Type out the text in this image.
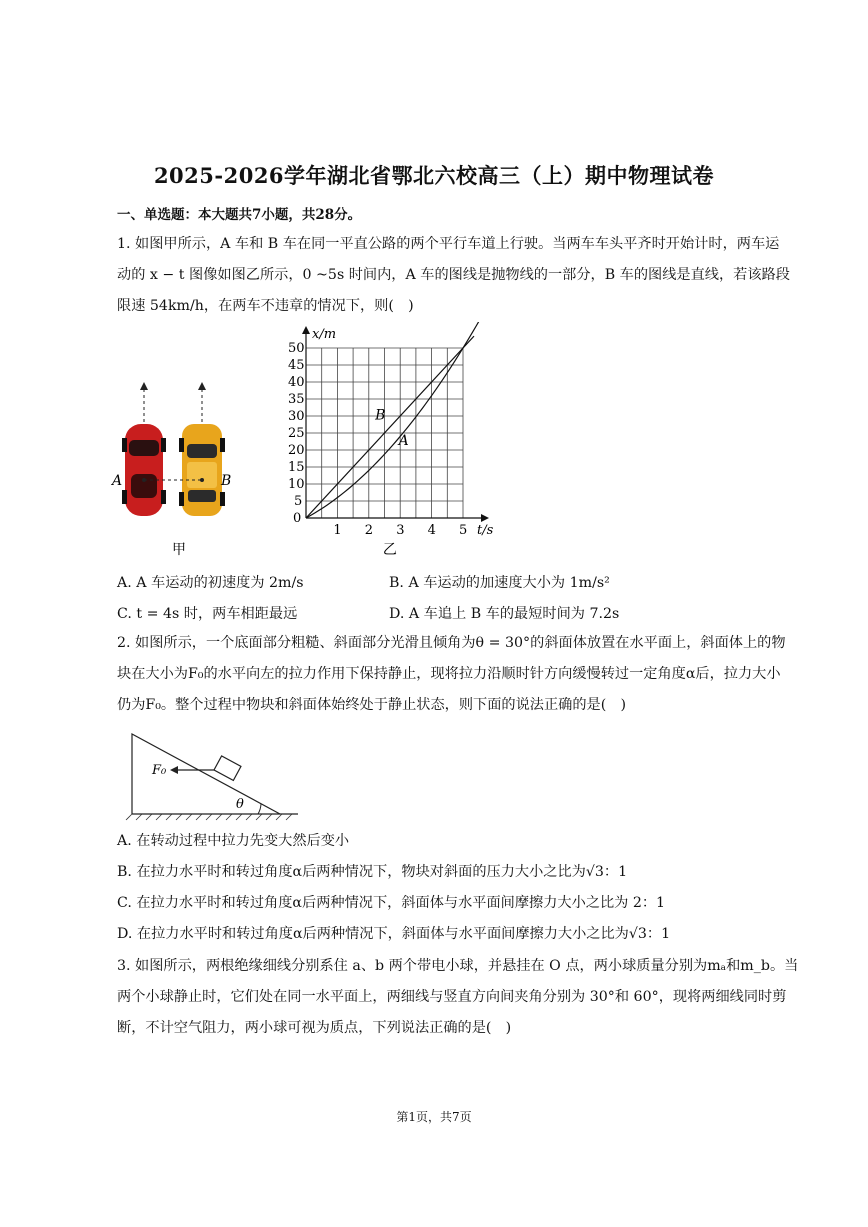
2025-2026学年湖北省鄂北六校高三（上）期中物理试卷
一、单选题：本大题共7小题，共28分。
1. 如图甲所示，A 车和 B 车在同一平直公路的两个平行车道上行驶。当两车车头平齐时开始计时，两车运
动的 x − t 图像如图乙所示，0 ~5s 时间内，A 车的图线是抛物线的一部分，B 车的图线是直线，若该路段
限速 54km/h，在两车不违章的情况下，则(　)
A	B
甲
1 2 3 4 5
0
5
10
15
20
25
30
35
40
45
50
B
A
t/s
x/m
乙
A. A 车运动的初速度为 2m/s	B. A 车运动的加速度大小为 1m/s²
C. t = 4s 时，两车相距最远	D. A 车追上 B 车的最短时间为 7.2s
2. 如图所示，一个底面部分粗糙、斜面部分光滑且倾角为θ = 30°的斜面体放置在水平面上，斜面体上的物
块在大小为F₀的水平向左的拉力作用下保持静止，现将拉力沿顺时针方向缓慢转过一定角度α后，拉力大小
仍为F₀。整个过程中物块和斜面体始终处于静止状态，则下面的说法正确的是(　)
θ
F₀
A. 在转动过程中拉力先变大然后变小
B. 在拉力水平时和转过角度α后两种情况下，物块对斜面的压力大小之比为√3：1
C. 在拉力水平时和转过角度α后两种情况下，斜面体与水平面间摩擦力大小之比为 2：1
D. 在拉力水平时和转过角度α后两种情况下，斜面体与水平面间摩擦力大小之比为√3：1
3. 如图所示，两根绝缘细线分别系住 a、b 两个带电小球，并悬挂在 O 点，两小球质量分别为mₐ和m_b。当
两个小球静止时，它们处在同一水平面上，两细线与竖直方向间夹角分别为 30°和 60°，现将两细线同时剪
断，不计空气阻力，两小球可视为质点，下列说法正确的是(　)
第1页，共7页
